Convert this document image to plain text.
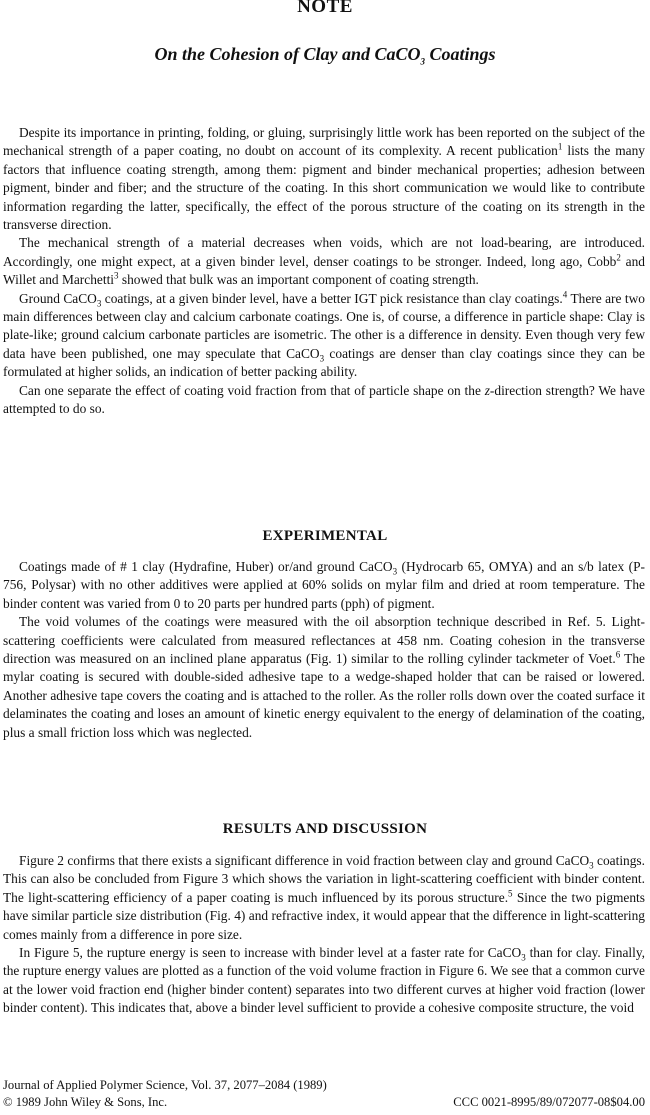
NOTE
On the Cohesion of Clay and CaCO$_3$ Coatings

Despite its importance in printing, folding, or gluing, surprisingly little work has been reported on the subject of the mechanical strength of a paper coating, no doubt on account of its complexity. A recent publication$^1$ lists the many factors that influence coating strength, among them: pigment and binder mechanical properties; adhesion between pigment, binder and fiber; and the structure of the coating. In this short communication we would like to contribute information regarding the latter, specifically, the effect of the porous structure of the coating on its strength in the transverse direction.

The mechanical strength of a material decreases when voids, which are not load-bearing, are introduced. Accordingly, one might expect, at a given binder level, denser coatings to be stronger. Indeed, long ago, Cobb$^2$ and Willet and Marchetti$^3$ showed that bulk was an important component of coating strength.

Ground CaCO$_3$ coatings, at a given binder level, have a better IGT pick resistance than clay coatings.$^4$ There are two main differences between clay and calcium carbonate coatings. One is, of course, a difference in particle shape: Clay is plate-like; ground calcium carbonate particles are isometric. The other is a difference in density. Even though very few data have been published, one may speculate that CaCO$_3$ coatings are denser than clay coatings since they can be formulated at higher solids, an indication of better packing ability.

Can one separate the effect of coating void fraction from that of particle shape on the z-direction strength? We have attempted to do so.

EXPERIMENTAL

Coatings made of # 1 clay (Hydrafine, Huber) or/and ground CaCO$_3$ (Hydrocarb 65, OMYA) and an s/b latex (P-756, Polysar) with no other additives were applied at 60% solids on mylar film and dried at room temperature. The binder content was varied from 0 to 20 parts per hundred parts (pph) of pigment.

The void volumes of the coatings were measured with the oil absorption technique described in Ref. 5. Light-scattering coefficients were calculated from measured reflectances at 458 nm. Coating cohesion in the transverse direction was measured on an inclined plane apparatus (Fig. 1) similar to the rolling cylinder tackmeter of Voet.$^6$ The mylar coating is secured with double-sided adhesive tape to a wedge-shaped holder that can be raised or lowered. Another adhesive tape covers the coating and is attached to the roller. As the roller rolls down over the coated surface it delaminates the coating and loses an amount of kinetic energy equivalent to the energy of delamination of the coating, plus a small friction loss which was neglected.

RESULTS AND DISCUSSION

Figure 2 confirms that there exists a significant difference in void fraction between clay and ground CaCO$_3$ coatings. This can also be concluded from Figure 3 which shows the variation in light-scattering coefficient with binder content. The light-scattering efficiency of a paper coating is much influenced by its porous structure.$^5$ Since the two pigments have similar particle size distribution (Fig. 4) and refractive index, it would appear that the difference in light-scattering comes mainly from a difference in pore size.

In Figure 5, the rupture energy is seen to increase with binder level at a faster rate for CaCO$_3$ than for clay. Finally, the rupture energy values are plotted as a function of the void volume fraction in Figure 6. We see that a common curve at the lower void fraction end (higher binder content) separates into two different curves at higher void fraction (lower binder content). This indicates that, above a binder level sufficient to provide a cohesive composite structure, the void

Journal of Applied Polymer Science, Vol. 37, 2077–2084 (1989)
© 1989 John Wiley & Sons, Inc.	CCC 0021-8995/89/072077-08$04.00
